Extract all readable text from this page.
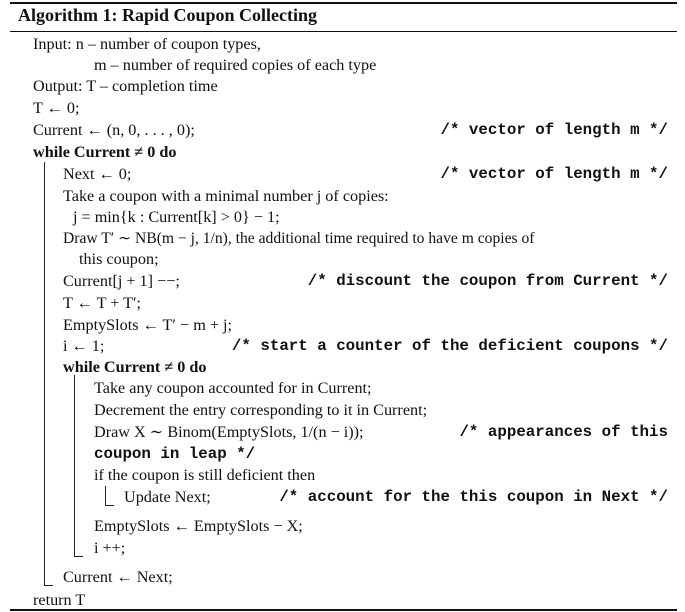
Algorithm 1: Rapid Coupon Collecting
Input: n – number of coupon types,
m – number of required copies of each type
Output: T – completion time
T ← 0;
Current ← (n, 0, . . . , 0);	/* vector of length m */
while Current ≠ 0 do
Next ← 0;	/* vector of length m */
Take a coupon with a minimal number j of copies:
j = min{k : Current[k] > 0} − 1;
Draw T′ ∼ NB(m − j, 1/n), the additional time required to have m copies of
this coupon;
Current[j + 1] −−;	/* discount the coupon from Current */
T ← T + T′;
EmptySlots ← T′ − m + j;
i ← 1;	/* start a counter of the deficient coupons */
while Current ≠ 0 do
Take any coupon accounted for in Current;
Decrement the entry corresponding to it in Current;
Draw X ∼ Binom(EmptySlots, 1/(n − i));	/* appearances of this
coupon in leap */
if the coupon is still deficient then
Update Next;	/* account for the this coupon in Next */
EmptySlots ← EmptySlots − X;
i ++;
Current ← Next;
return T
